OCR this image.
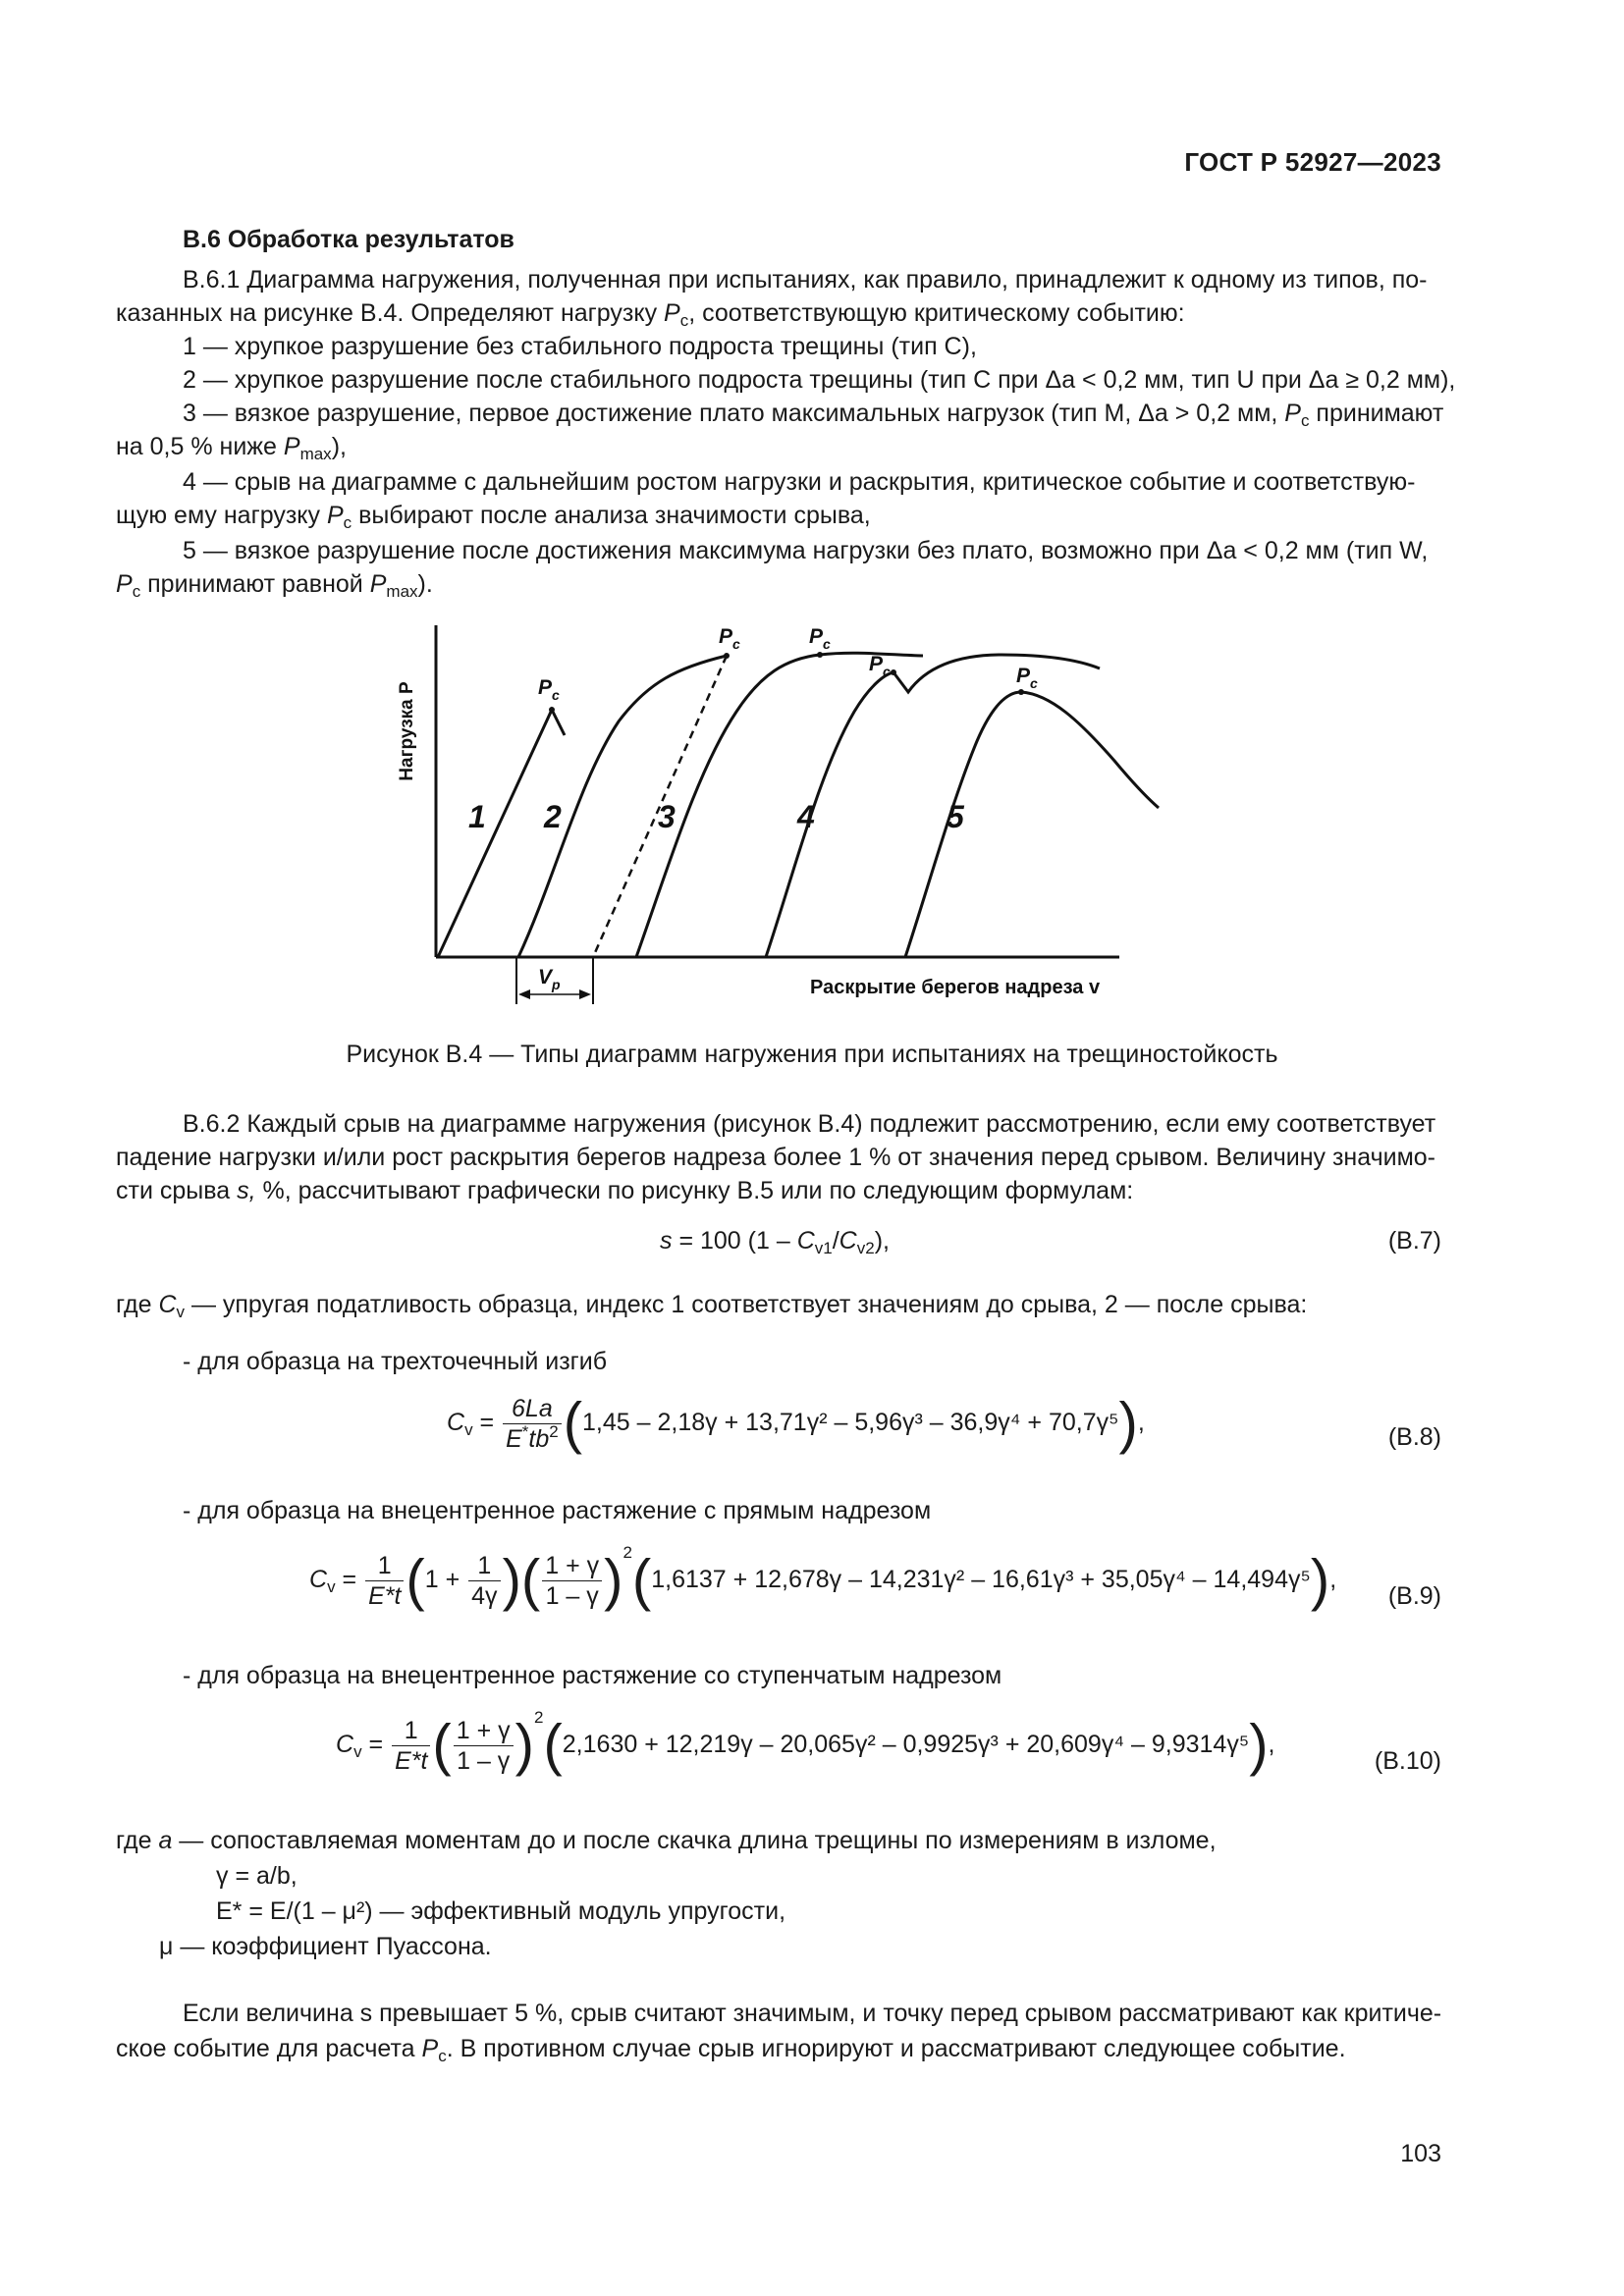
ГОСТ Р 52927—2023
В.6 Обработка результатов
В.6.1 Диаграмма нагружения, полученная при испытаниях, как правило, принадлежит к одному из типов, по-
казанных на рисунке В.4. Определяют нагрузку $P_c$, соответствующую критическому событию:
1 — хрупкое разрушение без стабильного подроста трещины (тип С),
2 — хрупкое разрушение после стабильного подроста трещины (тип С при Δa < 0,2 мм, тип U при Δa ≥ 0,2 мм),
3 — вязкое разрушение, первое достижение плато максимальных нагрузок (тип М, Δa > 0,2 мм, $P_c$ принимают
на 0,5 % ниже $P_{max}$),
4 — срыв на диаграмме с дальнейшим ростом нагрузки и раскрытия, критическое событие и соответствую-
щую ему нагрузку $P_c$ выбирают после анализа значимости срыва,
5 — вязкое разрушение после достижения максимума нагрузки без плато, возможно при Δa < 0,2 мм (тип W,
$P_c$ принимают равной $P_{max}$).
Нагрузка P
Раскрытие берегов надреза v
$P_c$
$P_c$	$P_c$
$P_c$	$P_c$
1 2	3	4	5
$V_p$
Рисунок В.4 — Типы диаграмм нагружения при испытаниях на трещиностойкость
В.6.2 Каждый срыв на диаграмме нагружения (рисунок В.4) подлежит рассмотрению, если ему соответствует
падение нагрузки и/или рост раскрытия берегов надреза более 1 % от значения перед срывом. Величину значимо-
сти срыва s, %, рассчитывают графически по рисунку В.5 или по следующим формулам:
s = 100 $(1 - C_{v1}/C_{v2})$,	(В.7)
где $C_v$ — упругая податливость образца, индекс 1 соответствует значениям до срыва, 2 — после срыва:
- для образца на трехточечный изгиб
$C_v = \frac{6La}{E^*tb^2} (1,45 - 2,18\gamma + 13,71\gamma^2 - 5,96\gamma^3 - 36,9\gamma^4 + 70,7\gamma^5)$,
(В.8)
- для образца на внецентренное растяжение с прямым надрезом
$C_v = \frac{1}{E*t} (1 + \frac{1}{4\gamma}$ )( $\frac{1 + \gamma}{1 - \gamma} )^2(1,6137 + 12,678\gamma - 14,231\gamma^2 - 16,61\gamma^3 + 35,05\gamma^4 - 14,494\gamma^5)$,
(В.9)
- для образца на внецентренное растяжение со ступенчатым надрезом
$C_v = \frac{1}{E*t}$ ( $\frac{1 + \gamma}{1 - \gamma} )^2(2,1630 + 12,219\gamma - 20,065\gamma^2 - 0,9925\gamma^3 + 20,609\gamma^4 - 9,9314\gamma^5)$,
(В.10)
где a — сопоставляемая моментам до и после скачка длина трещины по измерениям в изломе,
γ = a/b,
E* = E/(1 – μ²) — эффективный модуль упругости,
μ — коэффициент Пуассона.
Если величина s превышает 5 %, срыв считают значимым, и точку перед срывом рассматривают как критиче-
ское событие для расчета $P_c$. В противном случае срыв игнорируют и рассматривают следующее событие.
103
